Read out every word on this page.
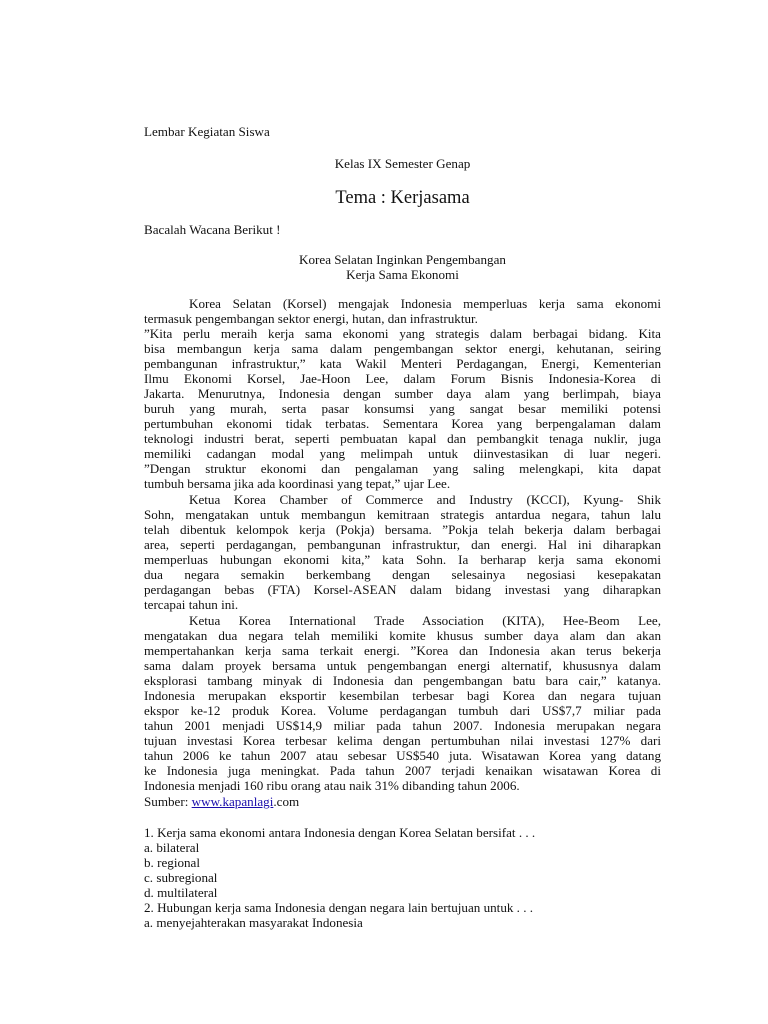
Lembar Kegiatan Siswa
Kelas IX Semester Genap
Tema : Kerjasama
Bacalah Wacana Berikut !
Korea Selatan Inginkan Pengembangan
Kerja Sama Ekonomi
Korea Selatan (Korsel) mengajak Indonesia memperluas kerja sama ekonomi
termasuk pengembangan sektor energi, hutan, dan infrastruktur.
”Kita perlu meraih kerja sama ekonomi yang strategis dalam berbagai bidang. Kita
bisa membangun kerja sama dalam pengembangan sektor energi, kehutanan, seiring
pembangunan infrastruktur,” kata Wakil Menteri Perdagangan, Energi, Kementerian
Ilmu Ekonomi Korsel, Jae-Hoon Lee, dalam Forum Bisnis Indonesia-Korea di
Jakarta. Menurutnya, Indonesia dengan sumber daya alam yang berlimpah, biaya
buruh yang murah, serta pasar konsumsi yang sangat besar memiliki potensi
pertumbuhan ekonomi tidak terbatas. Sementara Korea yang berpengalaman dalam
teknologi industri berat, seperti pembuatan kapal dan pembangkit tenaga nuklir, juga
memiliki cadangan modal yang melimpah untuk diinvestasikan di luar negeri.
”Dengan struktur ekonomi dan pengalaman yang saling melengkapi, kita dapat
tumbuh bersama jika ada koordinasi yang tepat,” ujar Lee.
Ketua Korea Chamber of Commerce and Industry (KCCI), Kyung- Shik
Sohn, mengatakan untuk membangun kemitraan strategis antardua negara, tahun lalu
telah dibentuk kelompok kerja (Pokja) bersama. ”Pokja telah bekerja dalam berbagai
area, seperti perdagangan, pembangunan infrastruktur, dan energi. Hal ini diharapkan
memperluas hubungan ekonomi kita,” kata Sohn. Ia berharap kerja sama ekonomi
dua negara semakin berkembang dengan selesainya negosiasi kesepakatan
perdagangan bebas (FTA) Korsel-ASEAN dalam bidang investasi yang diharapkan
tercapai tahun ini.
Ketua Korea International Trade Association (KITA), Hee-Beom Lee,
mengatakan dua negara telah memiliki komite khusus sumber daya alam dan akan
mempertahankan kerja sama terkait energi. ”Korea dan Indonesia akan terus bekerja
sama dalam proyek bersama untuk pengembangan energi alternatif, khususnya dalam
eksplorasi tambang minyak di Indonesia dan pengembangan batu bara cair,” katanya.
Indonesia merupakan eksportir kesembilan terbesar bagi Korea dan negara tujuan
ekspor ke-12 produk Korea. Volume perdagangan tumbuh dari US$7,7 miliar pada
tahun 2001 menjadi US$14,9 miliar pada tahun 2007. Indonesia merupakan negara
tujuan investasi Korea terbesar kelima dengan pertumbuhan nilai investasi 127% dari
tahun 2006 ke tahun 2007 atau sebesar US$540 juta. Wisatawan Korea yang datang
ke Indonesia juga meningkat. Pada tahun 2007 terjadi kenaikan wisatawan Korea di
Indonesia menjadi 160 ribu orang atau naik 31% dibanding tahun 2006.
Sumber: www.kapanlagi.com
1. Kerja sama ekonomi antara Indonesia dengan Korea Selatan bersifat . . .
a. bilateral
b. regional
c. subregional
d. multilateral
2. Hubungan kerja sama Indonesia dengan negara lain bertujuan untuk . . .
a. menyejahterakan masyarakat Indonesia
